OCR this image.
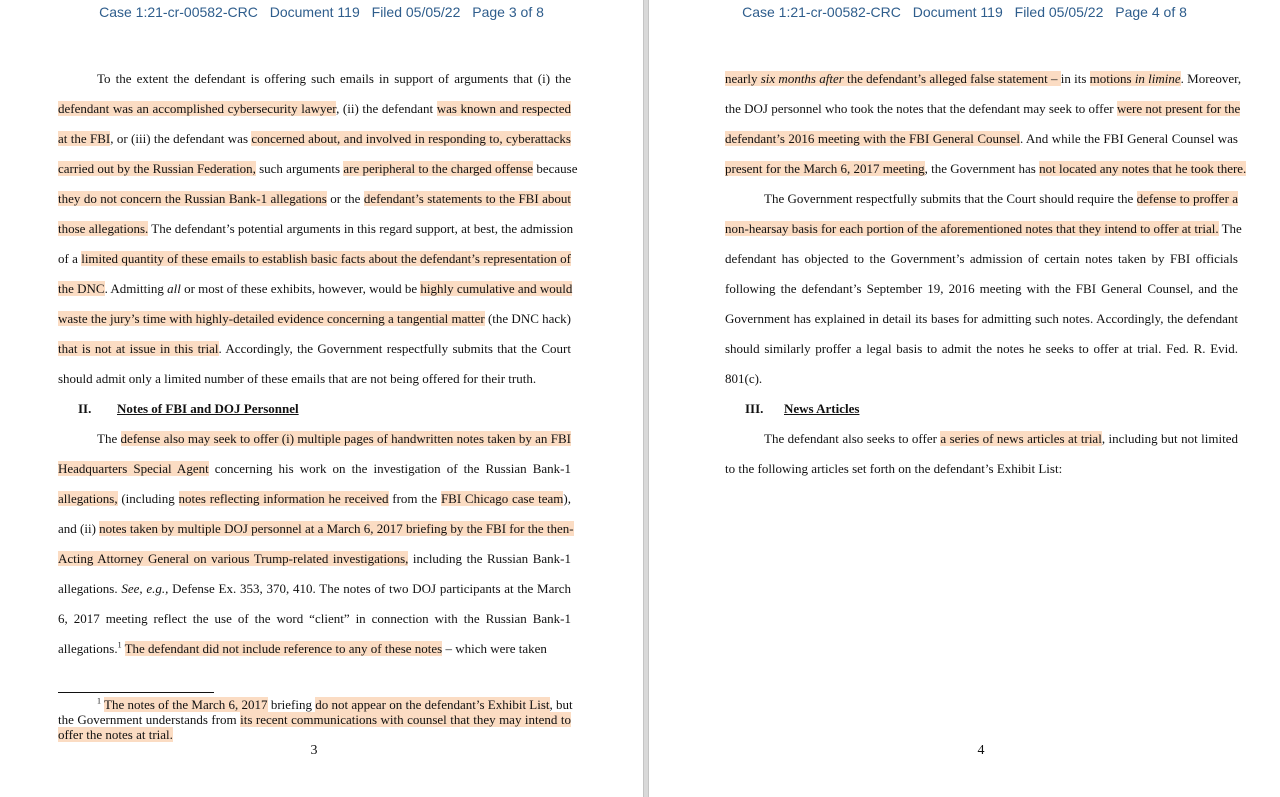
Case 1:21-cr-00582-CRC Document 119 Filed 05/05/22 Page 3 of 8	Case 1:21-cr-00582-CRC Document 119 Filed 05/05/22 Page 4 of 8
To the extent the defendant is offering such emails in support of arguments that (i) the
defendant was an accomplished cybersecurity lawyer, (ii) the defendant was known and respected
at the FBI, or (iii) the defendant was concerned about, and involved in responding to, cyberattacks
carried out by the Russian Federation, such arguments are peripheral to the charged offense because
they do not concern the Russian Bank-1 allegations or the defendant’s statements to the FBI about
those allegations. The defendant’s potential arguments in this regard support, at best, the admission
of a limited quantity of these emails to establish basic facts about the defendant’s representation of
the DNC. Admitting all or most of these exhibits, however, would be highly cumulative and would
waste the jury’s time with highly-detailed evidence concerning a tangential matter (the DNC hack)
that is not at issue in this trial. Accordingly, the Government respectfully submits that the Court
should admit only a limited number of these emails that are not being offered for their truth.
II. Notes of FBI and DOJ Personnel
The defense also may seek to offer (i) multiple pages of handwritten notes taken by an FBI
Headquarters Special Agent concerning his work on the investigation of the Russian Bank-1
allegations, (including notes reflecting information he received from the FBI Chicago case team),
and (ii) notes taken by multiple DOJ personnel at a March 6, 2017 briefing by the FBI for the then-
Acting Attorney General on various Trump-related investigations, including the Russian Bank-1
allegations. See, e.g., Defense Ex. 353, 370, 410. The notes of two DOJ participants at the March
6, 2017 meeting reflect the use of the word “client” in connection with the Russian Bank-1
allegations.$^1$ The defendant did not include reference to any of these notes – which were taken
nearly six months after the defendant’s alleged false statement – in its motions in limine. Moreover,
the DOJ personnel who took the notes that the defendant may seek to offer were not present for the
defendant’s 2016 meeting with the FBI General Counsel. And while the FBI General Counsel was
present for the March 6, 2017 meeting, the Government has not located any notes that he took there.
The Government respectfully submits that the Court should require the defense to proffer a
non-hearsay basis for each portion of the aforementioned notes that they intend to offer at trial. The
defendant has objected to the Government’s admission of certain notes taken by FBI officials
following the defendant’s September 19, 2016 meeting with the FBI General Counsel, and the
Government has explained in detail its bases for admitting such notes. Accordingly, the defendant
should similarly proffer a legal basis to admit the notes he seeks to offer at trial. Fed. R. Evid.
801(c).
III. News Articles
The defendant also seeks to offer a series of news articles at trial, including but not limited
to the following articles set forth on the defendant’s Exhibit List:
$^1$ The notes of the March 6, 2017 briefing do not appear on the defendant’s Exhibit List, but
the Government understands from its recent communications with counsel that they may intend to
offer the notes at trial.
3	4
